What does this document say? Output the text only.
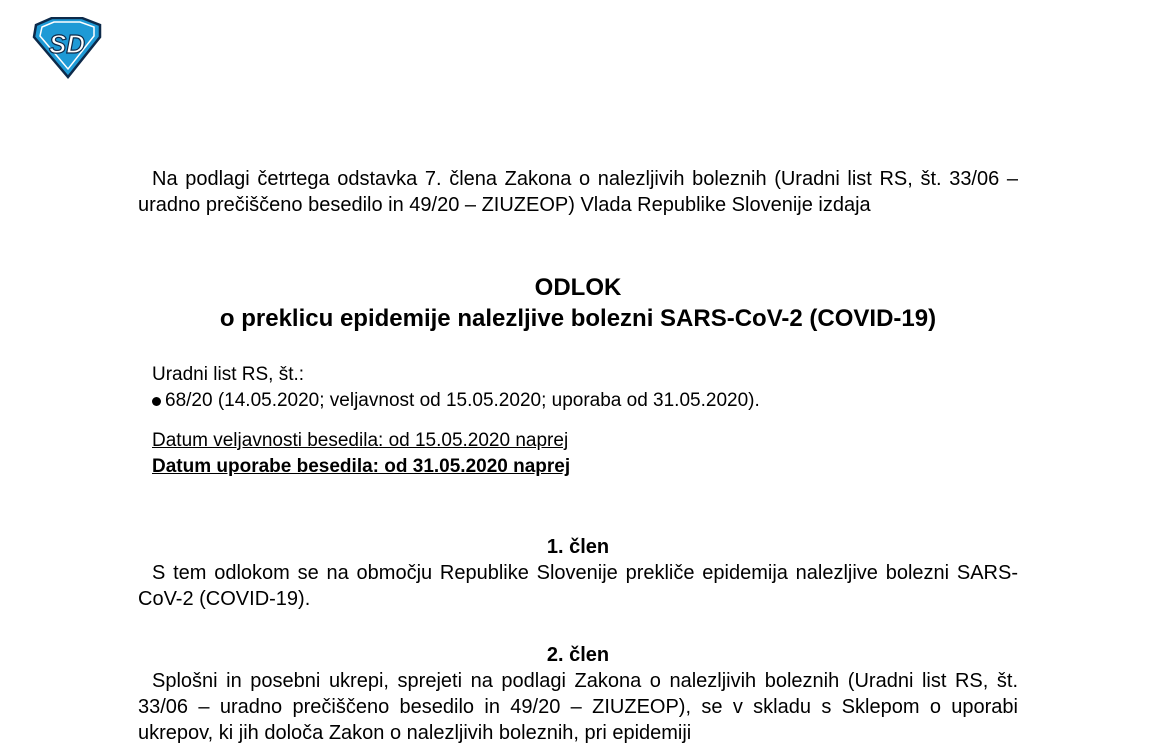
SD

Na podlagi četrtega odstavka 7. člena Zakona o nalezljivih boleznih (Uradni list RS, št. 33/06 – uradno prečiščeno besedilo in 49/20 – ZIUZEOP) Vlada Republike Slovenije izdaja

ODLOK
o preklicu epidemije nalezljive bolezni SARS-CoV-2 (COVID-19)

Uradni list RS, št.:

68/20 (14.05.2020; veljavnost od 15.05.2020; uporaba od 31.05.2020).

Datum veljavnosti besedila: od 15.05.2020 naprej

Datum uporabe besedila: od 31.05.2020 naprej

1. člen

S tem odlokom se na območju Republike Slovenije prekliče epidemija nalezljive bolezni SARS-CoV-2 (COVID-19).

2. člen

Splošni in posebni ukrepi, sprejeti na podlagi Zakona o nalezljivih boleznih (Uradni list RS, št. 33/06 – uradno prečiščeno besedilo in 49/20 – ZIUZEOP), se v skladu s Sklepom o uporabi ukrepov, ki jih določa Zakon o nalezljivih boleznih, pri epidemiji
